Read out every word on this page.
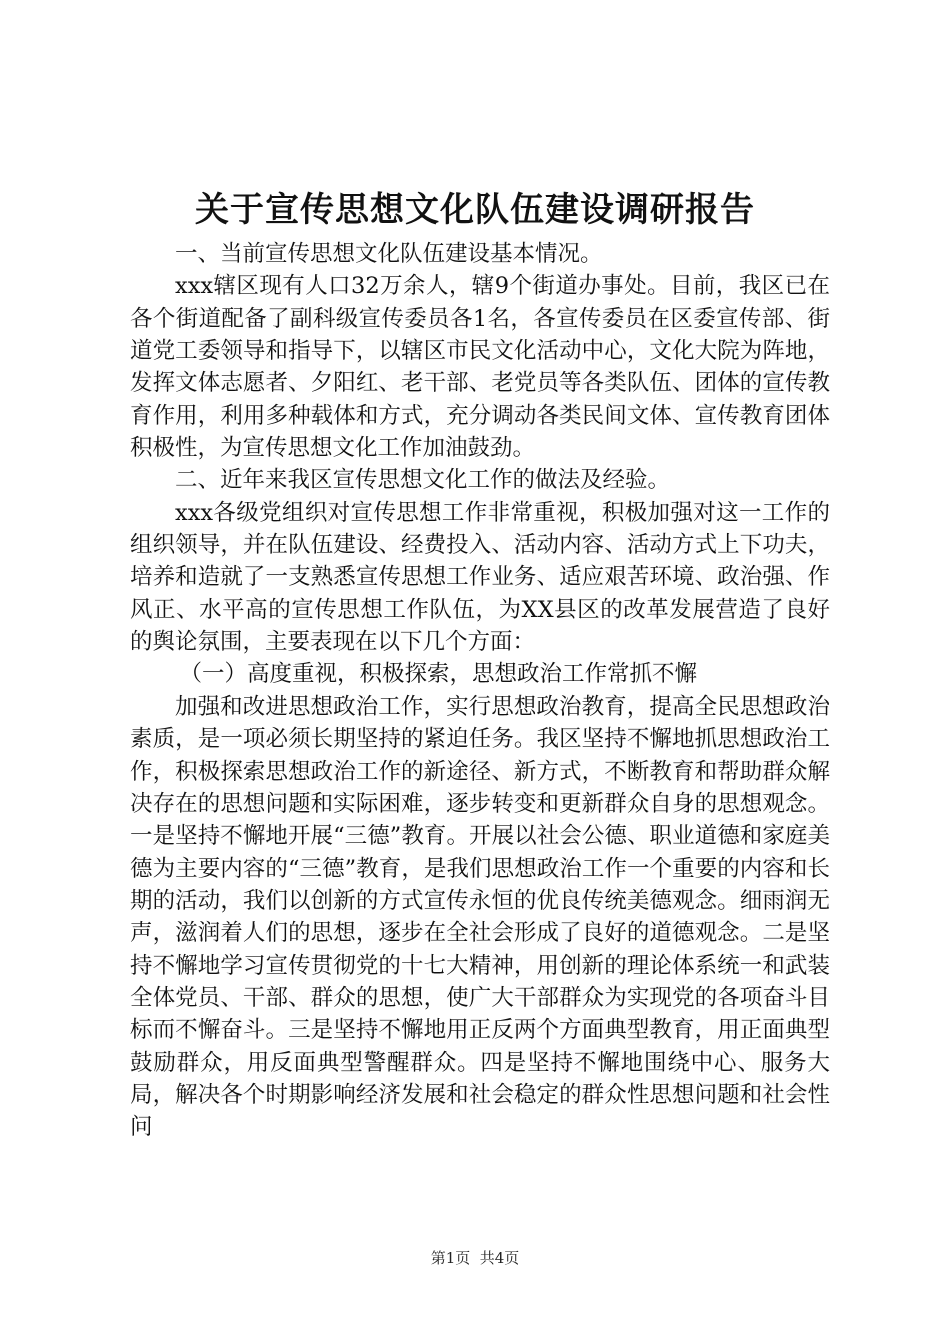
关于宣传思想文化队伍建设调研报告

一、当前宣传思想文化队伍建设基本情况。

xxx辖区现有人口32万余人，辖9个街道办事处。目前，我区已在各个街道配备了副科级宣传委员各1名，各宣传委员在区委宣传部、街道党工委领导和指导下，以辖区市民文化活动中心，文化大院为阵地，发挥文体志愿者、夕阳红、老干部、老党员等各类队伍、团体的宣传教育作用，利用多种载体和方式，充分调动各类民间文体、宣传教育团体积极性，为宣传思想文化工作加油鼓劲。

二、近年来我区宣传思想文化工作的做法及经验。

xxx各级党组织对宣传思想工作非常重视，积极加强对这一工作的组织领导，并在队伍建设、经费投入、活动内容、活动方式上下功夫，培养和造就了一支熟悉宣传思想工作业务、适应艰苦环境、政治强、作风正、水平高的宣传思想工作队伍，为XX县区的改革发展营造了良好的舆论氛围，主要表现在以下几个方面：

（一）高度重视，积极探索，思想政治工作常抓不懈

加强和改进思想政治工作，实行思想政治教育，提高全民思想政治素质，是一项必须长期坚持的紧迫任务。我区坚持不懈地抓思想政治工作，积极探索思想政治工作的新途径、新方式，不断教育和帮助群众解决存在的思想问题和实际困难，逐步转变和更新群众自身的思想观念。一是坚持不懈地开展“三德”教育。开展以社会公德、职业道德和家庭美德为主要内容的“三德”教育，是我们思想政治工作一个重要的内容和长期的活动，我们以创新的方式宣传永恒的优良传统美德观念。细雨润无声，滋润着人们的思想，逐步在全社会形成了良好的道德观念。二是坚持不懈地学习宣传贯彻党的十七大精神，用创新的理论体系统一和武装全体党员、干部、群众的思想，使广大干部群众为实现党的各项奋斗目标而不懈奋斗。三是坚持不懈地用正反两个方面典型教育，用正面典型鼓励群众，用反面典型警醒群众。四是坚持不懈地围绕中心、服务大局，解决各个时期影响经济发展和社会稳定的群众性思想问题和社会性问

第1页  共4页
